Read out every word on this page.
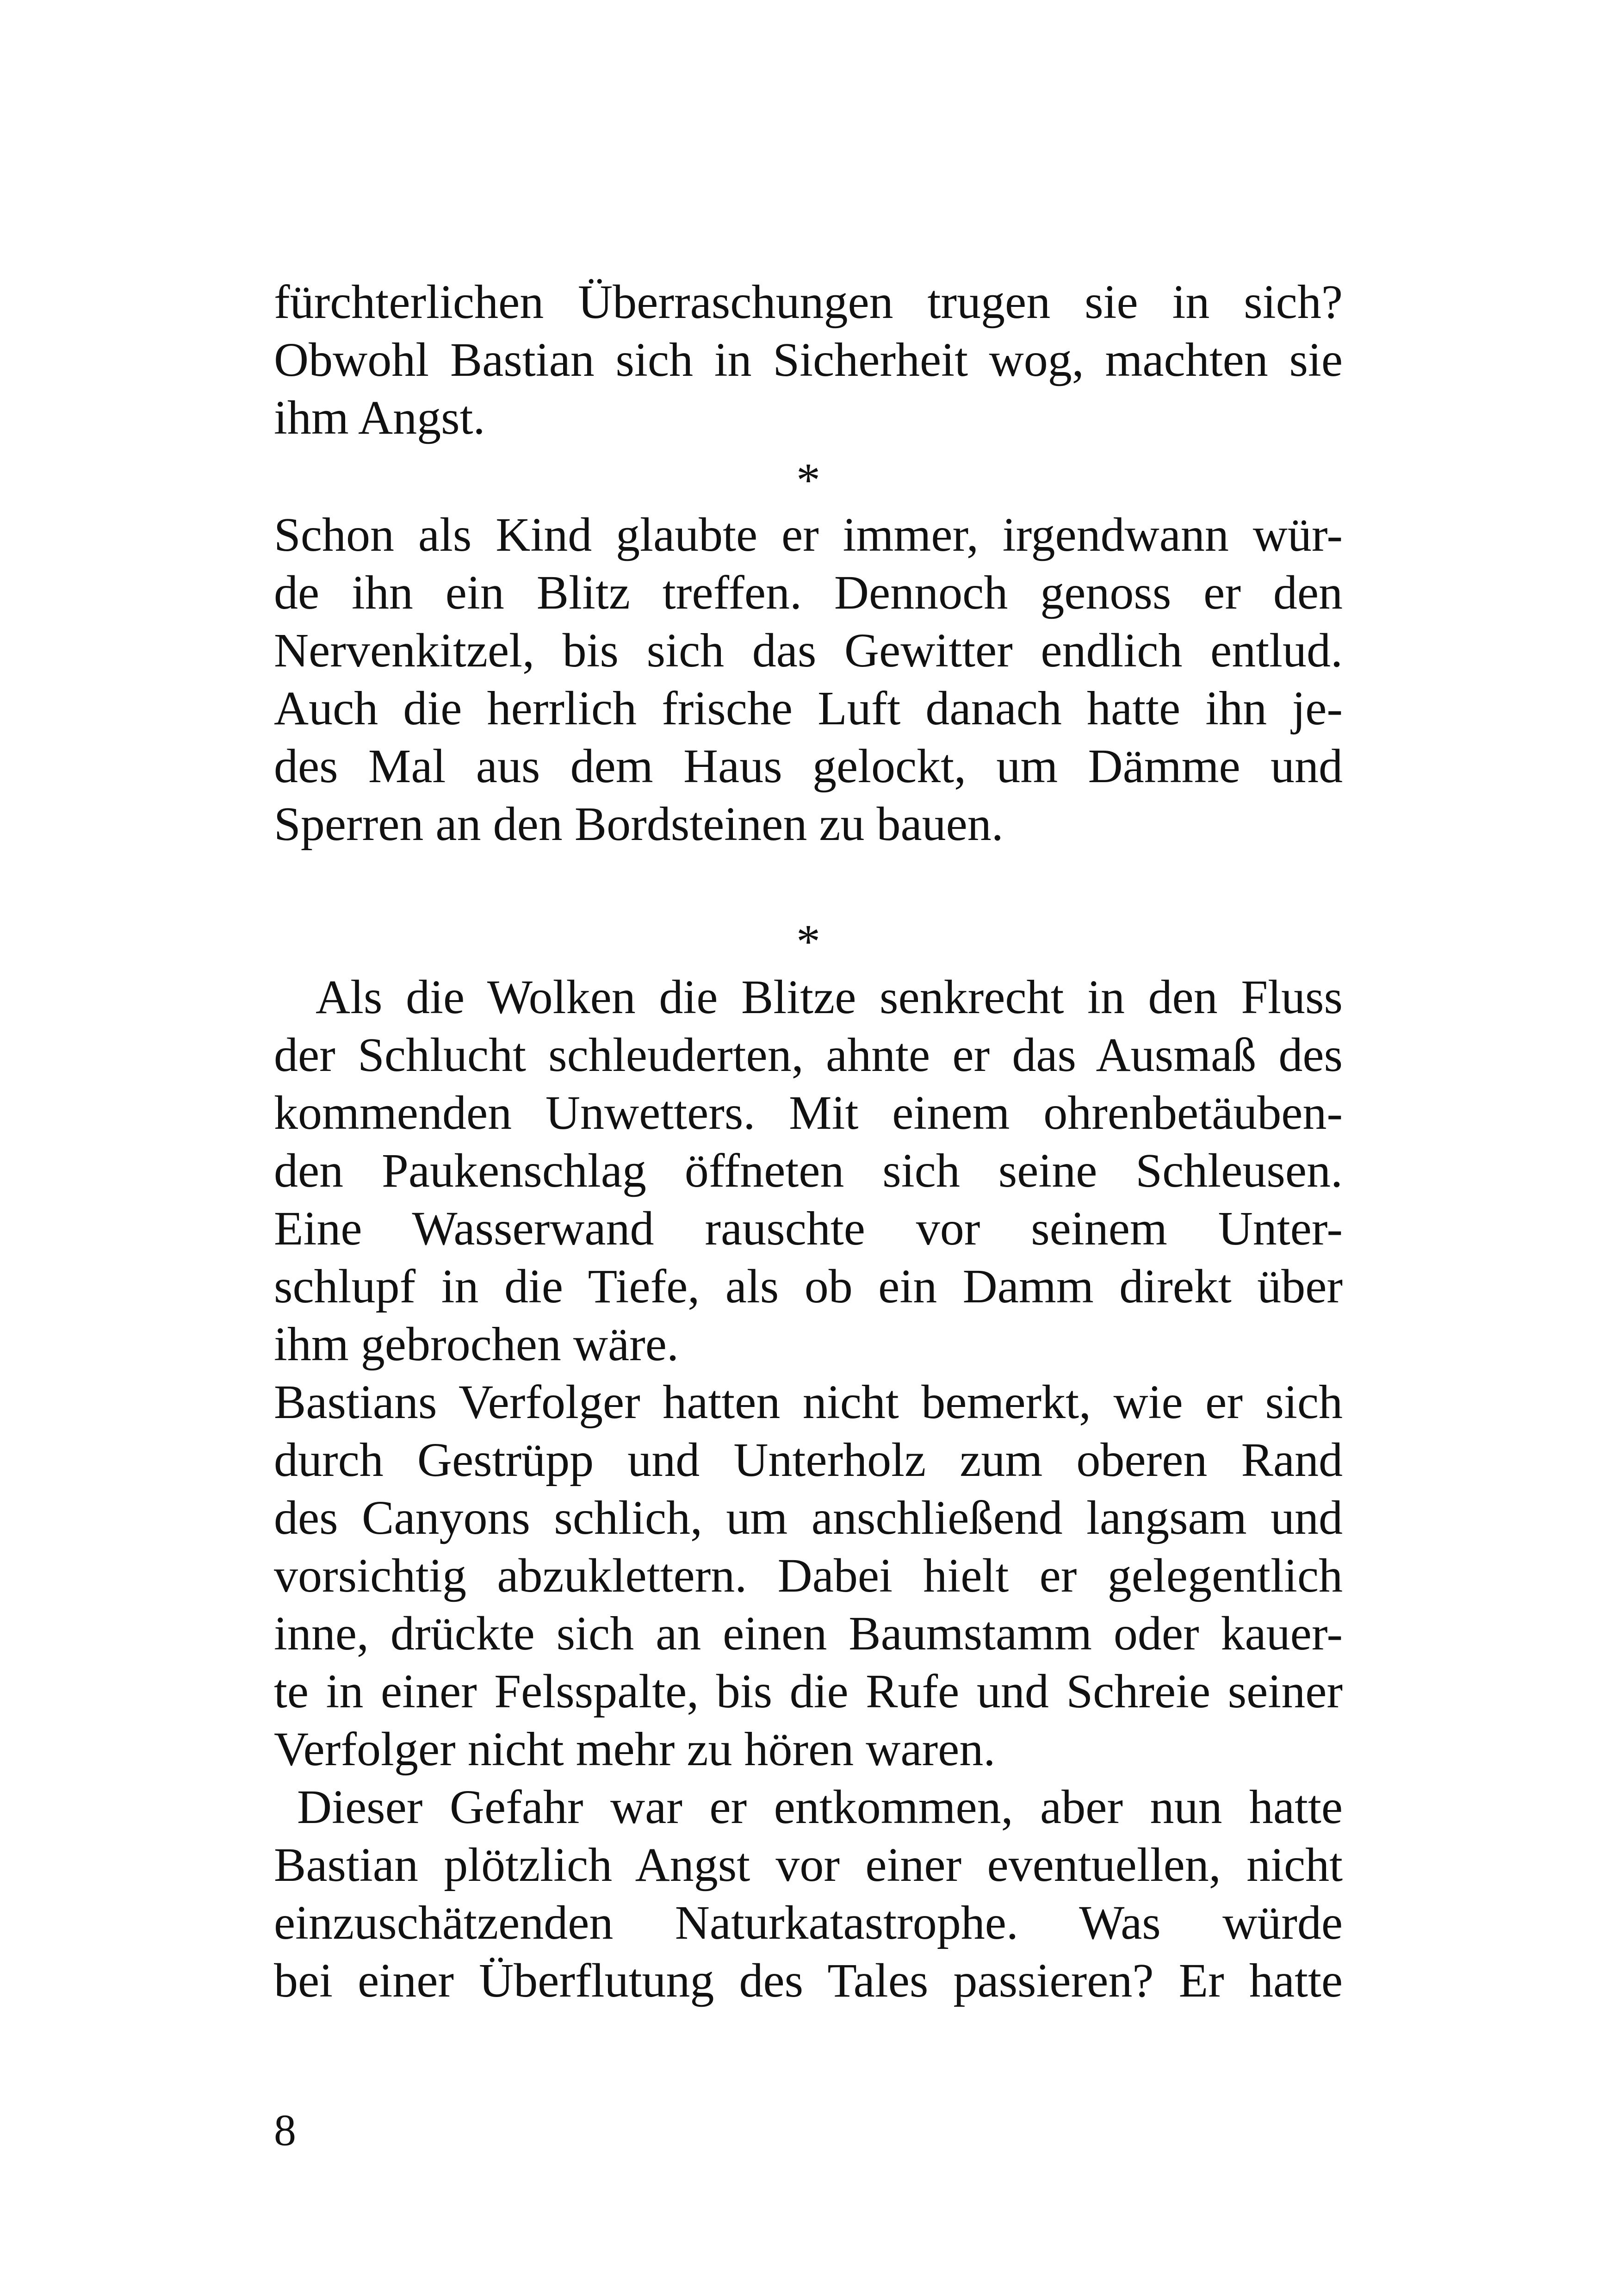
fürchterlichen Überraschungen trugen sie in sich?
Obwohl Bastian sich in Sicherheit wog, machten sie
ihm Angst.
*
Schon als Kind glaubte er immer, irgendwann wür-
de ihn ein Blitz treffen. Dennoch genoss er den
Nervenkitzel, bis sich das Gewitter endlich entlud.
Auch die herrlich frische Luft danach hatte ihn je-
des Mal aus dem Haus gelockt, um Dämme und
Sperren an den Bordsteinen zu bauen.
*
Als die Wolken die Blitze senkrecht in den Fluss
der Schlucht schleuderten, ahnte er das Ausmaß des
kommenden Unwetters. Mit einem ohrenbetäuben-
den Paukenschlag öffneten sich seine Schleusen.
Eine Wasserwand rauschte vor seinem Unter-
schlupf in die Tiefe, als ob ein Damm direkt über
ihm gebrochen wäre.
Bastians Verfolger hatten nicht bemerkt, wie er sich
durch Gestrüpp und Unterholz zum oberen Rand
des Canyons schlich, um anschließend langsam und
vorsichtig abzuklettern. Dabei hielt er gelegentlich
inne, drückte sich an einen Baumstamm oder kauer-
te in einer Felsspalte, bis die Rufe und Schreie seiner
Verfolger nicht mehr zu hören waren.
Dieser Gefahr war er entkommen, aber nun hatte
Bastian plötzlich Angst vor einer eventuellen, nicht
einzuschätzenden Naturkatastrophe. Was würde
bei einer Überflutung des Tales passieren? Er hatte
8
